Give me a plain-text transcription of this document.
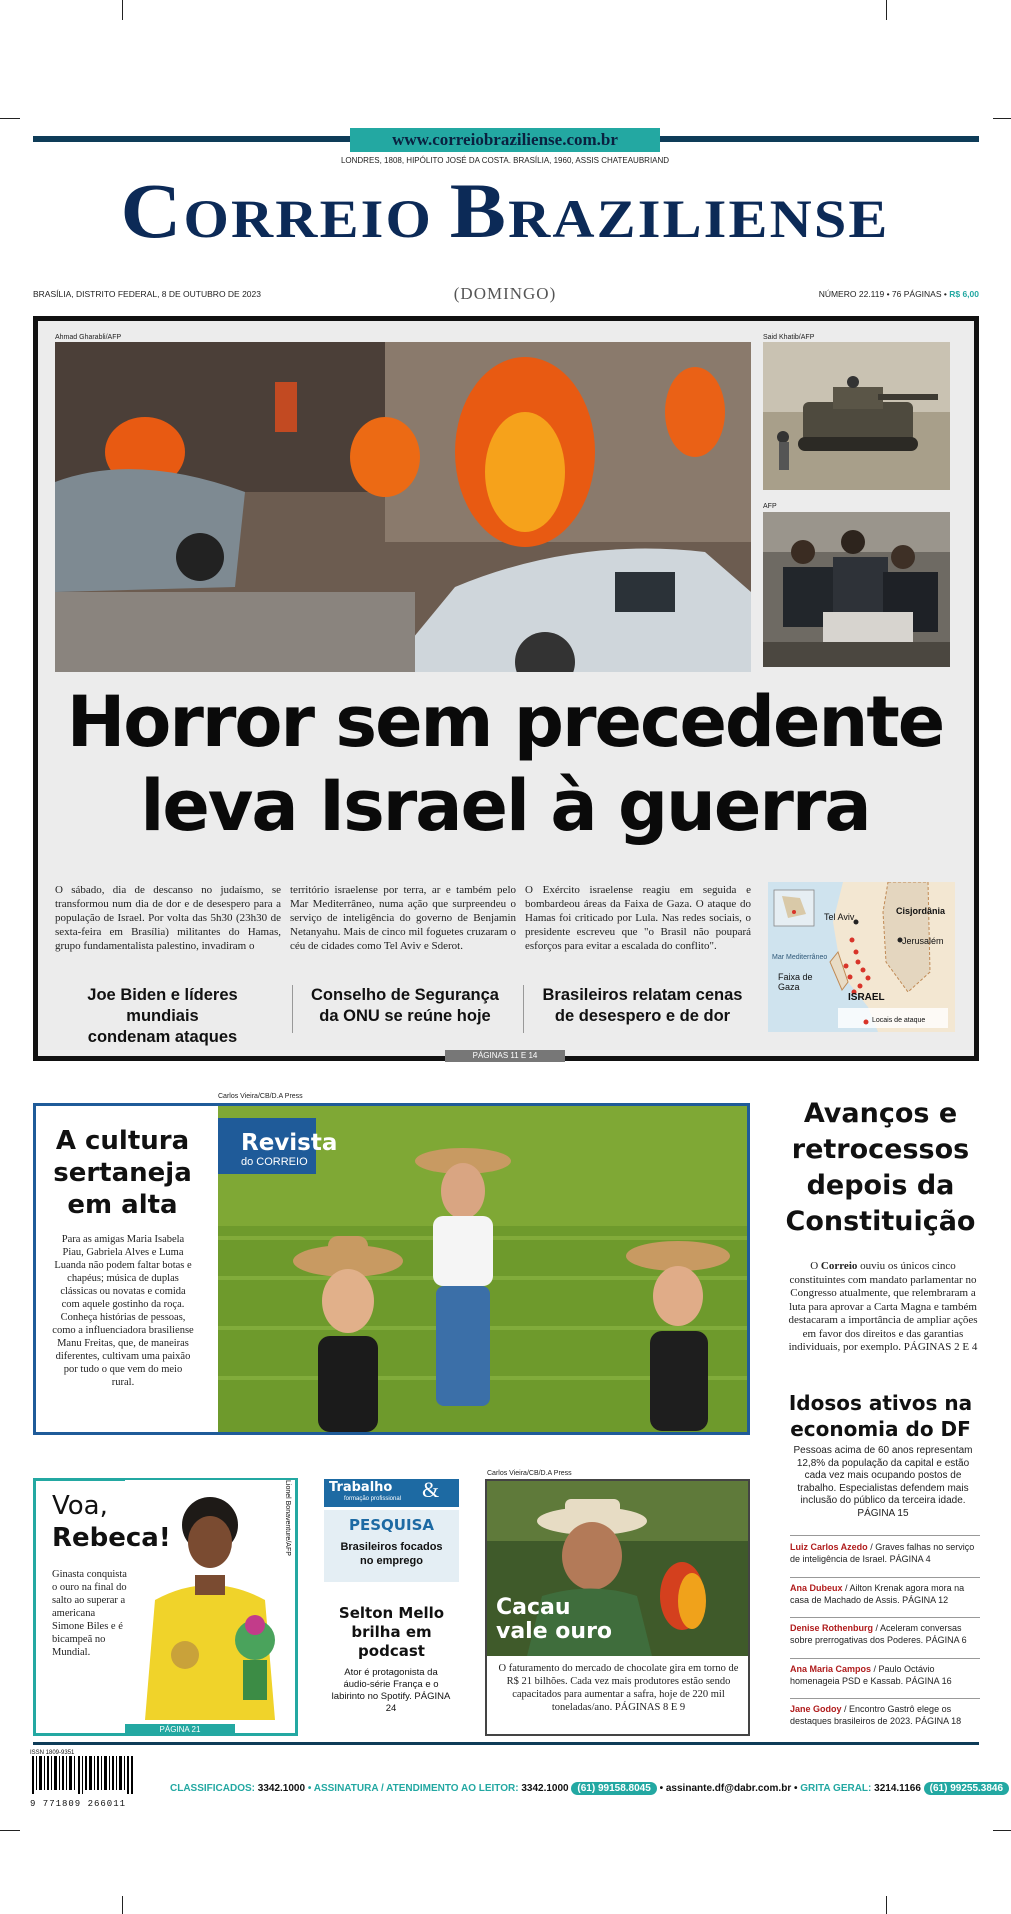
www.correiobraziliense.com.br
LONDRES, 1808, HIPÓLITO JOSÉ DA COSTA. BRASÍLIA, 1960, ASSIS CHATEAUBRIAND
CORREIO BRAZILIENSE
BRASÍLIA, DISTRITO FEDERAL, 8 DE OUTUBRO DE 2023	(DOMINGO)	NÚMERO 22.119 • 76 PÁGINAS • R$ 6,00
Ahmad Gharabli/AFP	Said Khatib/AFP
AFP
Horror sem precedente
leva Israel à guerra
O sábado, dia de descanso no judaísmo, se transformou num dia de dor e de desespero para a população de Israel. Por volta das 5h30 (23h30 de sexta-feira em Brasília) militantes do Hamas, grupo fundamentalista palestino, invadiram o
território israelense por terra, ar e também pelo Mar Mediterrâneo, numa ação que surpreendeu o serviço de inteligência do governo de Benjamin Netanyahu. Mais de cinco mil foguetes cruzaram o céu de cidades como Tel Aviv e Sderot.
O Exército israelense reagiu em seguida e bombardeou áreas da Faixa de Gaza. O ataque do Hamas foi criticado por Lula. Nas redes sociais, o presidente escreveu que "o Brasil não poupará esforços para evitar a escalada do conflito".
Tel Aviv
Cisjordânia
Jerusalém
Mar Mediterrâneo
Faixa de
Gaza
ISRAEL
Locais de ataque
Joe Biden e líderes mundiais
condenam ataques
Conselho de Segurança
da ONU se reúne hoje
Brasileiros relatam cenas
de desespero e de dor
PÁGINAS 11 E 14
Carlos Vieira/CB/D.A Press
A cultura
sertaneja
em alta
Para as amigas Maria Isabela Piau, Gabriela Alves e Luma Luanda não podem faltar botas e chapéus; música de duplas clássicas ou novatas e comida com aquele gostinho da roça. Conheça histórias de pessoas, como a influenciadora brasiliense Manu Freitas, que, de maneiras diferentes, cultivam uma paixão por tudo o que vem do meio rural.
Revista
do CORREIO
Avanços e
retrocessos
depois da
Constituição
O Correio ouviu os únicos cinco constituintes com mandato parlamentar no Congresso atualmente, que relembraram a luta para aprovar a Carta Magna e também destacaram a importância de ampliar ações em favor dos direitos e das garantias individuais, por exemplo. PÁGINAS 2 E 4
Idosos ativos na
economia do DF
Pessoas acima de 60 anos representam 12,8% da população da capital e estão cada vez mais ocupando postos de trabalho. Especialistas defendem mais inclusão do público da terceira idade. PÁGINA 15
Luiz Carlos Azedo / Graves falhas no serviço de inteligência de Israel. PÁGINA 4
Ana Dubeux / Ailton Krenak agora mora na casa de Machado de Assis. PÁGINA 12
Denise Rothenburg / Aceleram conversas sobre prerrogativas dos Poderes. PÁGINA 6
Ana Maria Campos / Paulo Octávio homenageia PSD e Kassab. PÁGINA 16
Jane Godoy / Encontro Gastrô elege os destaques brasileiros de 2023. PÁGINA 18
Lionel Bonaventure/AFP
Voa,
Rebeca!
Ginasta conquista o ouro na final do salto ao superar a americana Simone Biles e é bicampeã no Mundial.
PÁGINA 21
Trabalho &
formação profissional
PESQUISA
Brasileiros focados
no emprego
Selton Mello
brilha em
podcast
Ator é protagonista da áudio-série França e o labirinto no Spotify. PÁGINA 24
Carlos Vieira/CB/D.A Press
Cacau
vale ouro
O faturamento do mercado de chocolate gira em torno de R$ 21 bilhões. Cada vez mais produtores estão sendo capacitados para aumentar a safra, hoje de 220 mil toneladas/ano. PÁGINAS 8 E 9
ISSN 1809-9351
9 771809 266011
CLASSIFICADOS: 3342.1000 • ASSINATURA / ATENDIMENTO AO LEITOR: 3342.1000 (61) 99158.8045 • assinante.df@dabr.com.br • GRITA GERAL: 3214.1166 (61) 99255.3846
